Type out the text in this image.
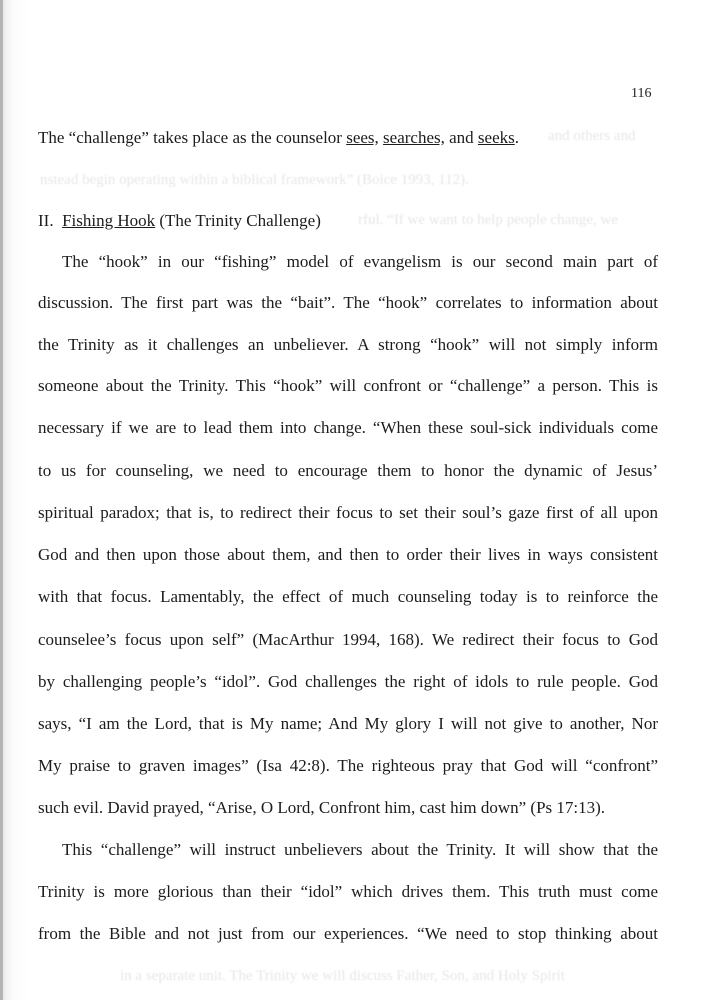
and others and
nstead begin operating within a biblical framework” (Boice 1993, 112).
rful. “If we want to help people change, we
in a separate unit. The Trinity we will discuss Father, Son, and Holy Spirit
116
The “challenge” takes place as the counselor sees, searches, and seeks.
II.  Fishing Hook (The Trinity Challenge)
The “hook” in our “fishing” model of evangelism is our second main part of
discussion. The first part was the “bait”. The “hook” correlates to information about
the Trinity as it challenges an unbeliever. A strong “hook” will not simply inform
someone about the Trinity. This “hook” will confront or “challenge” a person. This is
necessary if we are to lead them into change. “When these soul-sick individuals come
to us for counseling, we need to encourage them to honor the dynamic of Jesus’
spiritual paradox; that is, to redirect their focus to set their soul’s gaze first of all upon
God and then upon those about them, and then to order their lives in ways consistent
with that focus. Lamentably, the effect of much counseling today is to reinforce the
counselee’s focus upon self” (MacArthur 1994, 168). We redirect their focus to God
by challenging people’s “idol”. God challenges the right of idols to rule people. God
says, “I am the Lord, that is My name; And My glory I will not give to another, Nor
My praise to graven images” (Isa 42:8). The righteous pray that God will “confront”
such evil. David prayed, “Arise, O Lord, Confront him, cast him down” (Ps 17:13).
This “challenge” will instruct unbelievers about the Trinity. It will show that the
Trinity is more glorious than their “idol” which drives them. This truth must come
from the Bible and not just from our experiences. “We need to stop thinking about
